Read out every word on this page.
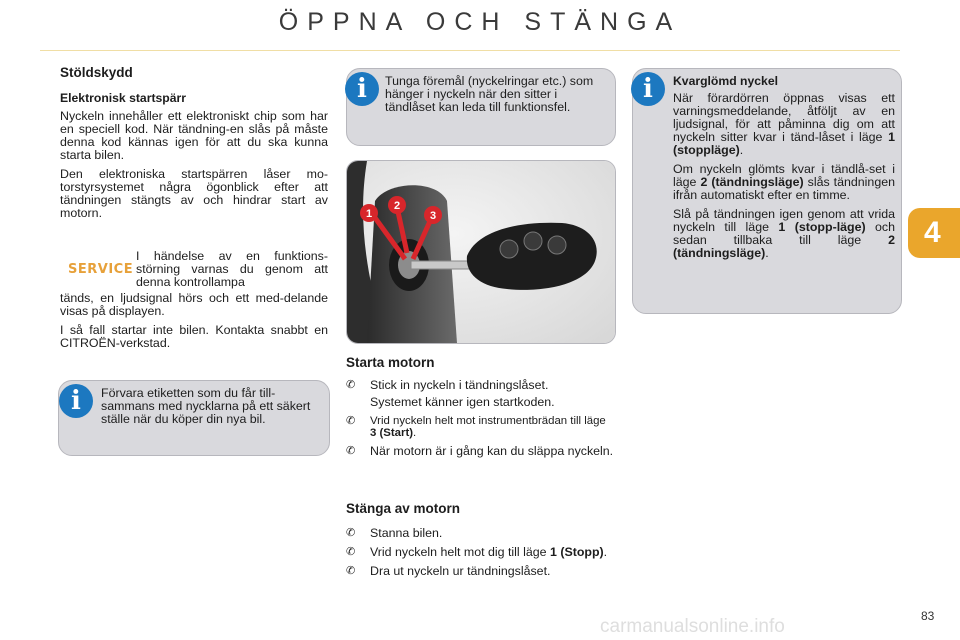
ÖPPNA OCH STÄNGA
4
Stöldskydd
Elektronisk startspärr

Nyckeln innehåller ett elektroniskt chip som har en speciell kod. När tändning-en slås på måste denna kod kännas igen för att du ska kunna starta bilen.

Den elektroniska startspärren låser mo-torstyrsystemet några ögonblick efter att tändningen stängts av och hindrar start av motorn.

SERVICE

I händelse av en funktions-störning varnas du genom att denna kontrollampa

tänds, en ljudsignal hörs och ett med-delande visas på displayen.

I så fall startar inte bilen. Kontakta snabbt en CITROËN-verkstad.

i	Förvara etiketten som du får till-sammans med nycklarna på ett säkert ställe när du köper din nya bil.
i	Tunga föremål (nyckelringar etc.) som hänger i nyckeln när den sitter i tändlåset kan leda till funktionsfel.
1
2
3
Starta motorn
✆ Stick in nyckeln i tändningslåset.
Systemet känner igen startkoden.
✆ Vrid nyckeln helt mot instrumentbrädan till läge 3 (Start).
✆ När motorn är i gång kan du släppa nyckeln.
Stänga av motorn
✆ Stanna bilen.
✆ Vrid nyckeln helt mot dig till läge 1 (Stopp).
✆ Dra ut nyckeln ur tändningslåset.
i	Kvarglömd nyckel

När förardörren öppnas visas ett varningsmeddelande, åtföljt av en ljudsignal, för att påminna dig om att nyckeln sitter kvar i tänd-låset i läge 1 (stoppläge).

Om nyckeln glömts kvar i tändlå-set i läge 2 (tändningsläge) slås tändningen ifrån automatiskt efter en timme.

Slå på tändningen igen genom att vrida nyckeln till läge 1 (stopp-läge) och sedan tillbaka till läge 2 (tändningsläge).

83
carmanualsonline.info
